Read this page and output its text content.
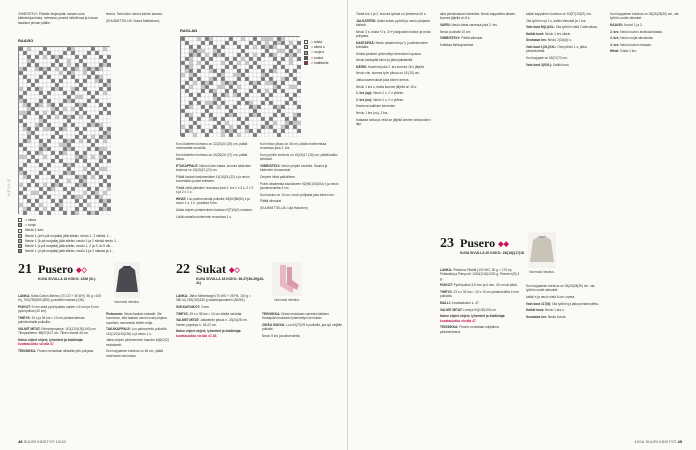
NEULE

VIIMEISTELY: Pääntie lanjenpäät, kanale uutut käänteisjuurintaa, neleessa, pesetä mittoihinsa ja kuivaa tasaisen pinnan päälle.

teema. Tata luiton riemut kahvin kanssa.

(SUUNNITTELIJA: Noora Matikainen)

RAAVIO
= oikea
= nurja
Neule 1 kerr.
Neule 1 (a+b pä nurjalla) jätä sileän, neulo 1, 2 sileää, 1...
Neule 1 (b pä nurjalla) jätä sileän, neulo 1 ja 2 sileää neulo 1...
Neule 1 (c pä nurjalla) jätä sileän, neulo 1, 2 ja 3, ts 5 oik...
Neule 1 (d pä nurjalla) jätä sileän, neulo 1 ja 2 oikeaa ja 1...
RAGLAN
= toista
= oikea s
= nurja s
= nostot
= mallikerta

Kun kädenten korkeus on 22(23)24 (25) cm, päätä molemmilta reunoilta.

Kun kädenten korkeus on 24(25)26 (27) cm, päätä kaula.

ETUKAPPALE: Neulo kuten takaa, kunnes kädenten korkeus on 19(20)21 (22) cm.

Päätä kaulan keskimmäiset 14(16)18 (22) s ja neulo kummatkin puolet erikseen.

Päätä vielä pääntien reunassa joka 2. krs 1 x 3 s, 2 x 2 s ja 2 x 1 s.

HIHAT: Luo palmunneulla puikoille 48(52)56(60) s ja neulo 1 s, 1 n -joustinta 5 krs.

Aloita ohjeen pintaneuleen kaavion E(F)G(H) mukaan.

Lisää samalla molemmin reunoissa 1 s.

Kun hihan pituus on 46 cm, päätä molemmissa reunoissa joka 2. krs.

Kun pyöriön korkeus on 15(16)17 (18) cm, päätä kaikki silmukat.

VIIMEISTELY: Neulo ympäri neuleita. Sauma ja kädenten sivusaumat.

Ompele hihat paikoilleen.

Poimi olkaimesta kaulukseen 92(96)100(104) s ja neulo joustinneuletta 4 cm.

Kun kaulus on 10 cm, neulo pohjasta joka toinen krs.

Päätä silmukat.

(SUUNNITTELIJA: Lilja Hakonen)

21 Pusero ◆◇
KUVA SIVULLA 18 KOKO: 12/M (XL)
Normaali mitoitus.

LANKA: Katia Cotton-Merino (70 CO + 30 WV), 50 g =105 m), 700(750)800 (850) g rasberin/ruskea (136).

PUIKOT: 5 mm sekä pyöröpuikko varten n.5 mm ja 5 mm pyöröpuikot (40 cm).

TIHEYS: 19 s ja 36 krs = 10 cm pintaneuleesta palmikoimalla puikoilla.

VALMIT MITAT: Rinnanympärys: 110(120)130(140) cm. Tiheysaiheen: 88(97)107 cm. Tilhen sivulla 46 cm.

Katso ohjeet ohjeet, lyhenteet ja lisätietoja: kuvataulukko sivulla 47.

TEKNIIKKA: Pusero neulotaan alhaalta ylös pohjana.

Pintaneule: Neulo taaksin ristiaalit. Ole huomioon, että taaksin neulot ovat pohjana nuorisien neuloneksi tehtiin nelja.

TAKAKAPPALE: Luo palmuntello puikoilla 110(120)130(136) s ja neulo 1 s.

Jatka ohjeen pintaneuleen kaavion A(B)C(D) mukaisesti.

Kun kappaleen korkeus on 46 cm, päätä molemmin reunoissa.

22 Sukat ◆◇
KUVA SIVULLA 18 KOKO: 36-37(38-39)(40-41)
Normaali mitoitus.

LANKA: Järbo Mellerangel (75 WO + 25 PA, 100 g = 380 m) 150(150)150 g vaaleanpunainen (30061).

SUKKAPUIKOT: 3 mm.

TIHEYS: 29 s x 38 krs = 10 cm sileää neuletta.

VALMIIT MITAT: Jalkaterän pituus n. 23(24)25 cm. Varren ympärys n. 18-22 cm.

Katso ohjeet ohjeet, lyhenteet ja lisätietoja: kuvataulukko sivulla 47-48.

TEKNIIKKA: Sukat neulotaan varresta kärkeen. Kantapää neulotaan lyhennetyin kerroksin.

OIKEA SUKKA: Luo 64(70)76 s puikoilla, jaa työ neljälle puikolle.

Neulo 5 krs joustinneuletta.

48 SUURI KÄSITYÖ 10/16

Toista krs 1 ja 2, kunnes työssä on yhteensä 46 s.

JALKATERÄ: Aloita sukan pyöriöt ja neulo pohjasta kärkeä.

Neulo 3 s, toista *2 s, 3 n* pikajoustin toiston ja neulo pohjasta.

KANTAPÄÄ: Neulo pikakierrot ja 3. joustinneuleen kohdalla.

Kiristä jokaisen lyhennetyn kerroksen lopussa.

Neulo kantapää kiinni ja jatka jalkaterää.

KÄRKI: Kavenna joka 2. krs kunnes 16 s jäljellä.

Neulo niin, kunnes työn pituus on 18 (20) cm.

Jatka kavennukset joka toinen kerros.

Neulo 1 krs s, toista kunnes jäljellä on 16 s.

1. krs (op): Neulo 1 s, 2 o yhteen.

2. krs (nu): Neulo 1 s, 2 n yhteen.

Kavenna kaikkien kerrosten.

Neulo 1 krs (nu), 2 krs.

Katkaise lanka ja vedä se jäljellä olevien silmukoiden läpi.

aika palmikoidaan lanneista. Neulo kappaletta alkaen, kunnes jäljellä on 8 s.

VARSI: Neulo toista varressa joka 2. krs.

Neulo puoliväli 10 cm.

VIIMEISTELY: Päätä silmukat.

Kaikissa farkkupiseissä.

23 Pusero ◆◆
KUVA SIVULLA 20 KOKO: 15/(16)/(17)18
Normaali mitoitus.

LANKA: Pirkanna Pirtellä (100 WO, 50 g = 175 m). Pellavalla ja Pienpunt: 1000(1100)1200 g; Pioneeri (B) 3 g.

PUIKOT: Pyöröpuikot 3,5 mm ja 4 mm, 40 cm tai pitkä.

TIHEYS: 23 s x 32 krs = 10 x 10 cm pintaneuletta 4 mm puikoilla.

MALLI: Kuvataulukko s. 47.

VALMIT MITAT: Leveys 94(100)105 cm.

Katso ohjeet ohjeet, lyhenteet ja lisätietoja: kuvataulukko sivulla 47.

TEKNIIKKA: Pusero neulotaan suljettuna pintaneuleena.

Kun kappaleen korkeus on 26(26)28(30) cm, ota työhön uudet silmukat.

kaikki s ja neulo vielä 6 cm, lopeta.

Vain koot 117(5): Ota työhön ja jatka pintaneuletta.

Kaikki koot: Neulo 1 krs o.

Seuraava krs: Neulo kuviot.

kaikki kappaleen korkeus on 52(57)15(57) cm.

Ota työhön nyt 1 s, kaikki silmukat ja 1 krs.

Vain koot M(L)XXL: Ota työhön vielä 2 silmukkaa.

Kaikki koot: Neulo 1 krs oikein.

Seuraava krs: Neulo 2(3)4(4) s.

Vain koot L(XL)XXL: Ota työhön 1 s, jatka pintaneuletta.

Kun kappale on 69(71)73 cm.

Vain koot 3(XXL): Kaikki koot.

Kun kappaleen korkeus on 26(26)28(30) cm, ota työhön uudet silmukat.

KAAVIO: Kuviot 1 ja 2.

2. krs: Neulo kuvion aloituskohdasta.

3. krs: Neulo nurjia silmukoita.

4. krs: Neulo kuvion mukaan.

Hihat: Toista 1 krs.

10/16 SUURI KÄSITYÖ 49
